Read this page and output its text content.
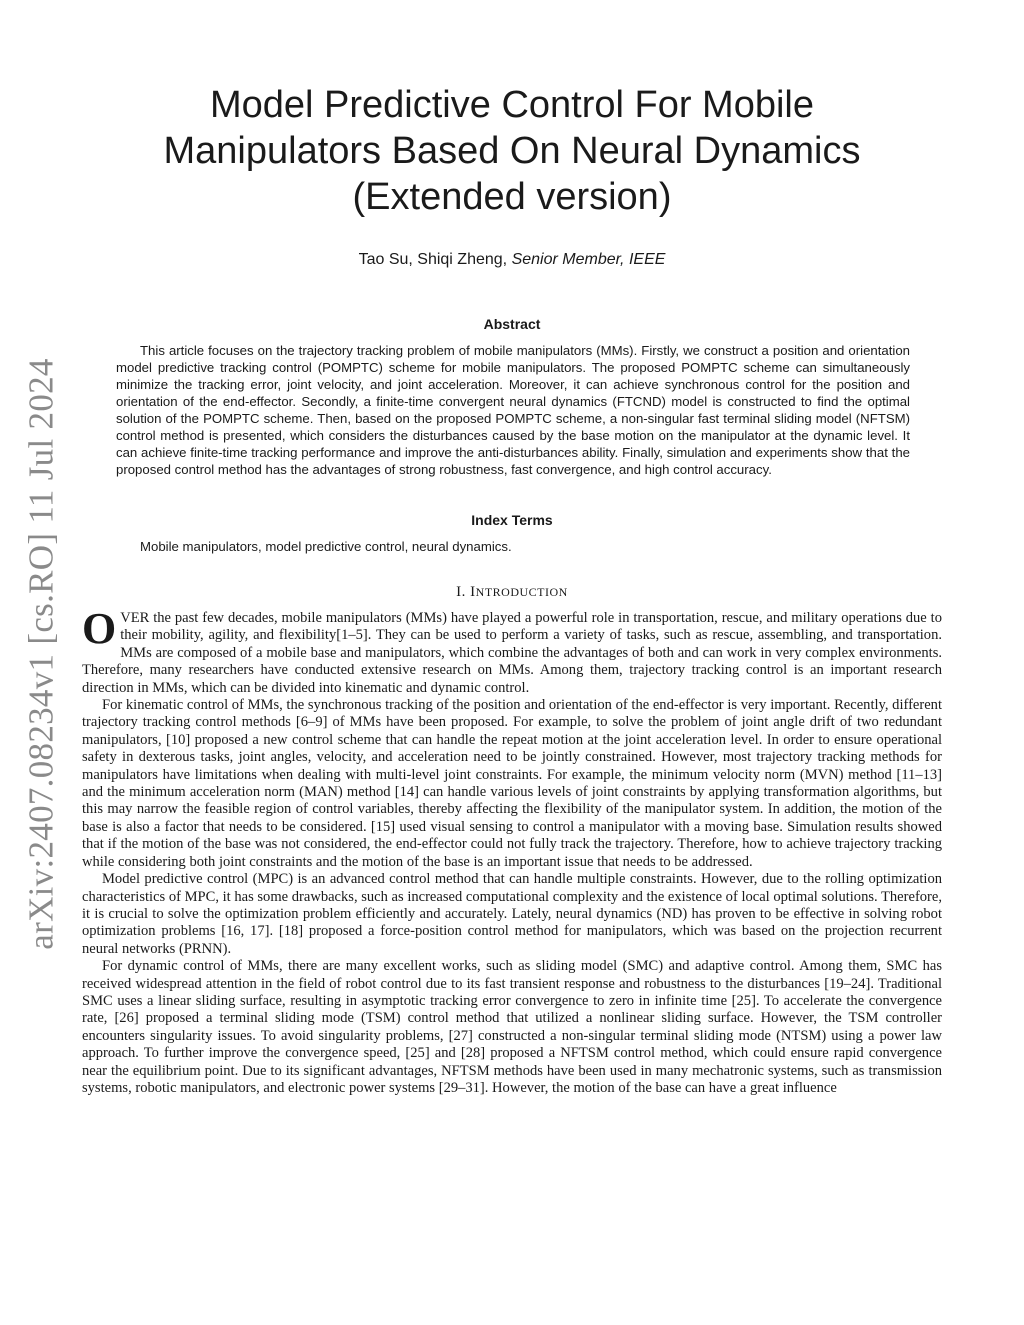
arXiv:2407.08234v1 [cs.RO] 11 Jul 2024
Model Predictive Control For Mobile
Manipulators Based On Neural Dynamics
(Extended version)
Tao Su, Shiqi Zheng, Senior Member, IEEE
Abstract

This article focuses on the trajectory tracking problem of mobile manipulators (MMs). Firstly, we construct a position and orientation model predictive tracking control (POMPTC) scheme for mobile manipulators. The proposed POMPTC scheme can simultaneously minimize the tracking error, joint velocity, and joint acceleration. Moreover, it can achieve synchronous control for the position and orientation of the end-effector. Secondly, a finite-time convergent neural dynamics (FTCND) model is constructed to find the optimal solution of the POMPTC scheme. Then, based on the proposed POMPTC scheme, a non-singular fast terminal sliding model (NFTSM) control method is presented, which considers the disturbances caused by the base motion on the manipulator at the dynamic level. It can achieve finite-time tracking performance and improve the anti-disturbances ability. Finally, simulation and experiments show that the proposed control method has the advantages of strong robustness, fast convergence, and high control accuracy.

Index Terms

Mobile manipulators, model predictive control, neural dynamics.

I. INTRODUCTION

OVER the past few decades, mobile manipulators (MMs) have played a powerful role in transportation, rescue, and military operations due to their mobility, agility, and flexibility[1–5]. They can be used to perform a variety of tasks, such as rescue, assembling, and transportation. MMs are composed of a mobile base and manipulators, which combine the advantages of both and can work in very complex environments. Therefore, many researchers have conducted extensive research on MMs. Among them, trajectory tracking control is an important research direction in MMs, which can be divided into kinematic and dynamic control.

For kinematic control of MMs, the synchronous tracking of the position and orientation of the end-effector is very important. Recently, different trajectory tracking control methods [6–9] of MMs have been proposed. For example, to solve the problem of joint angle drift of two redundant manipulators, [10] proposed a new control scheme that can handle the repeat motion at the joint acceleration level. In order to ensure operational safety in dexterous tasks, joint angles, velocity, and acceleration need to be jointly constrained. However, most trajectory tracking methods for manipulators have limitations when dealing with multi-level joint constraints. For example, the minimum velocity norm (MVN) method [11–13] and the minimum acceleration norm (MAN) method [14] can handle various levels of joint constraints by applying transformation algorithms, but this may narrow the feasible region of control variables, thereby affecting the flexibility of the manipulator system. In addition, the motion of the base is also a factor that needs to be considered. [15] used visual sensing to control a manipulator with a moving base. Simulation results showed that if the motion of the base was not considered, the end-effector could not fully track the trajectory. Therefore, how to achieve trajectory tracking while considering both joint constraints and the motion of the base is an important issue that needs to be addressed.

Model predictive control (MPC) is an advanced control method that can handle multiple constraints. However, due to the rolling optimization characteristics of MPC, it has some drawbacks, such as increased computational complexity and the existence of local optimal solutions. Therefore, it is crucial to solve the optimization problem efficiently and accurately. Lately, neural dynamics (ND) has proven to be effective in solving robot optimization problems [16, 17]. [18] proposed a force-position control method for manipulators, which was based on the projection recurrent neural networks (PRNN).

For dynamic control of MMs, there are many excellent works, such as sliding model (SMC) and adaptive control. Among them, SMC has received widespread attention in the field of robot control due to its fast transient response and robustness to the disturbances [19–24]. Traditional SMC uses a linear sliding surface, resulting in asymptotic tracking error convergence to zero in infinite time [25]. To accelerate the convergence rate, [26] proposed a terminal sliding mode (TSM) control method that utilized a nonlinear sliding surface. However, the TSM controller encounters singularity issues. To avoid singularity problems, [27] constructed a non-singular terminal sliding mode (NTSM) using a power law approach. To further improve the convergence speed, [25] and [28] proposed a NFTSM control method, which could ensure rapid convergence near the equilibrium point. Due to its significant advantages, NFTSM methods have been used in many mechatronic systems, such as transmission systems, robotic manipulators, and electronic power systems [29–31]. However, the motion of the base can have a great influence
